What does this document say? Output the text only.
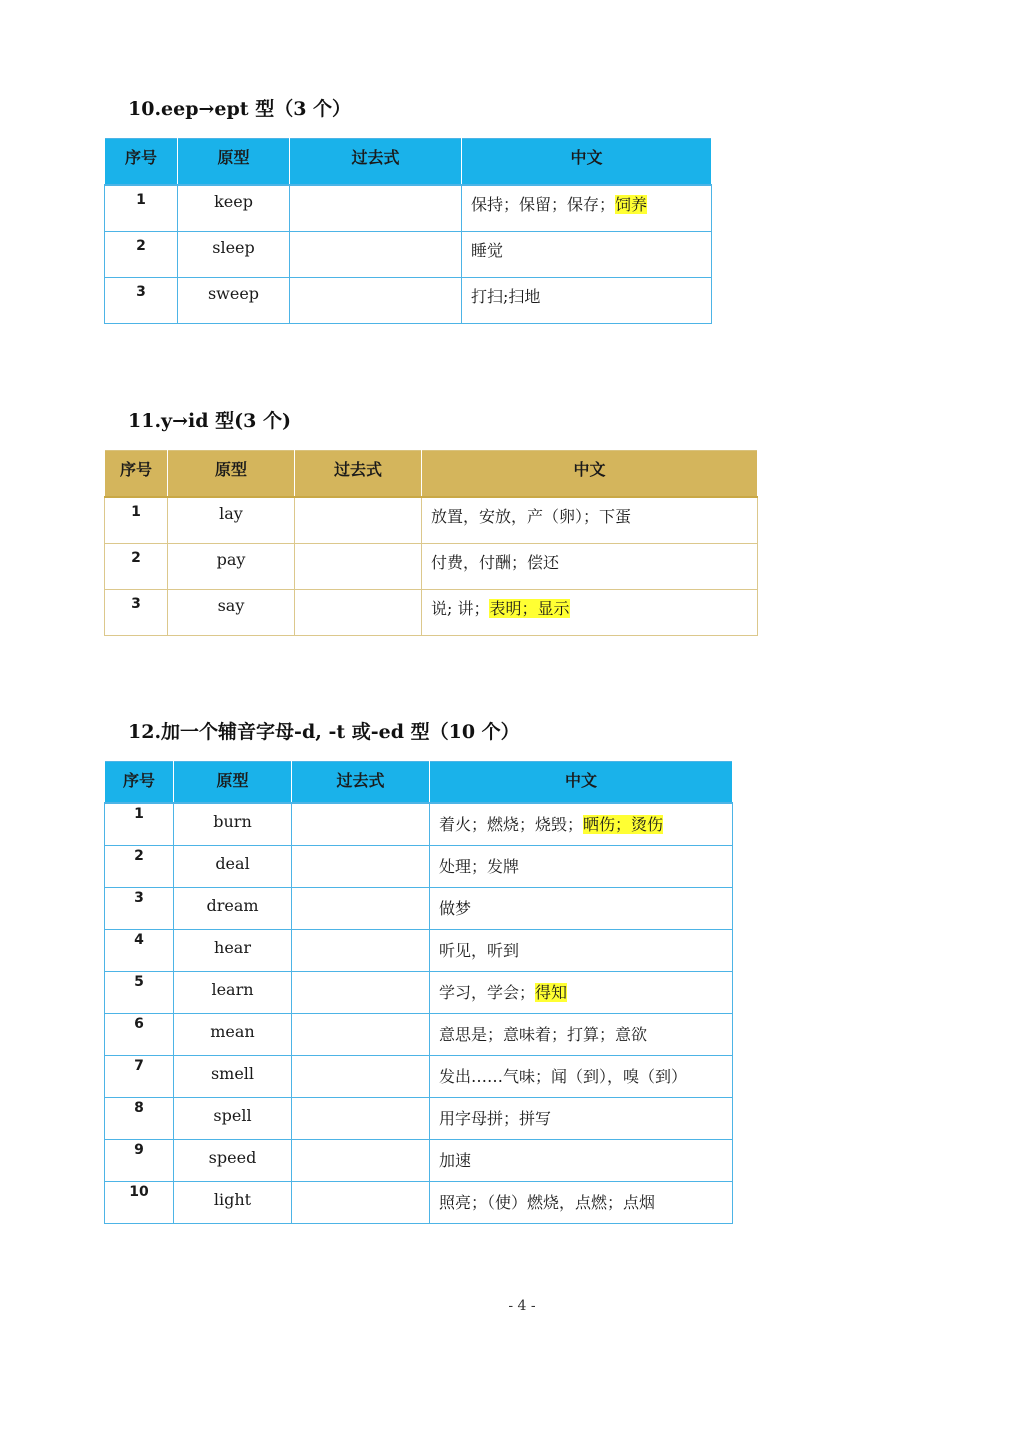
10.eep→ept 型（3 个）
序号	原型	过去式	中文
1	keep		保持；保留；保存；饲养
2	sleep		睡觉
3	sweep		打扫;扫地
11.y→id 型(3 个)
序号	原型	过去式	中文
1	lay		放置，安放，产（卵）；下蛋
2	pay		付费，付酬；偿还
3	say		说; 讲；表明；显示
12.加一个辅音字母-d, -t 或-ed 型（10 个）
序号	原型	过去式	中文
1	burn		着火；燃烧；烧毁；晒伤；烫伤
2	deal		处理；发牌
3	dream		做梦
4	hear		听见，听到
5	learn		学习，学会；得知
6	mean		意思是；意味着；打算；意欲
7	smell		发出……气味；闻（到），嗅（到）
8	spell		用字母拼；拼写
9	speed		加速
10	light		照亮；（使）燃烧，点燃；点烟
- 4 -
